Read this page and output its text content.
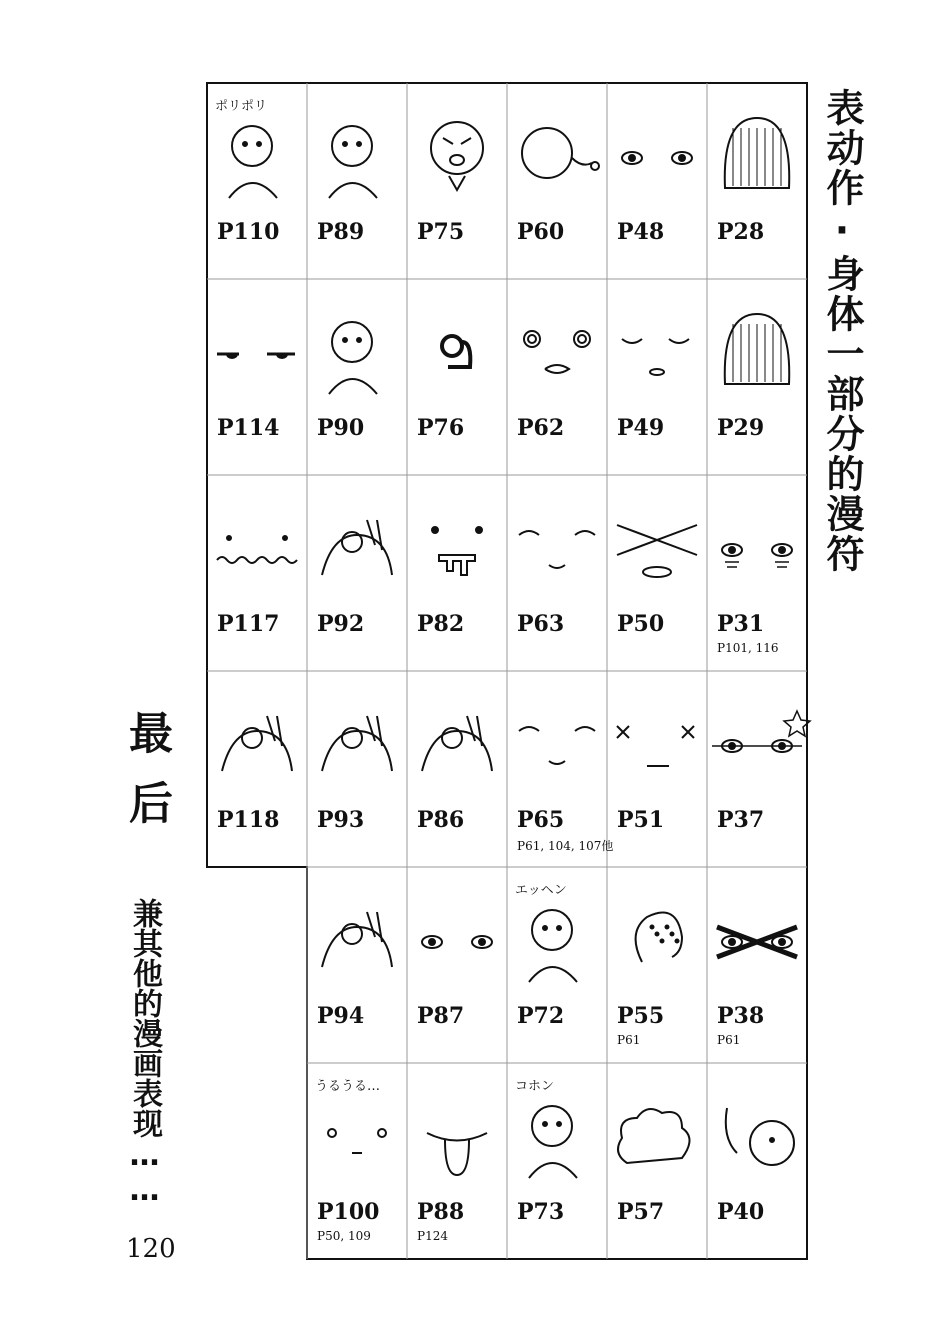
表动作·身体一部分的漫符
最后
兼其他的漫画表现……
120
ポリポリ
P110 P89 P75 P60 P48 P28
P114 P90 P76 P62 P49 P29
P117 P92 P82 P63 P50 P31
P101, 116
P118 P93 P86 P65
P61, 104, 107他
P51 P37
P94 P87
エッヘン
P72 P55
P61
P38
P61
うるうる…
P100
P50, 109
P88
P124
コホン
P73 P57 P40
